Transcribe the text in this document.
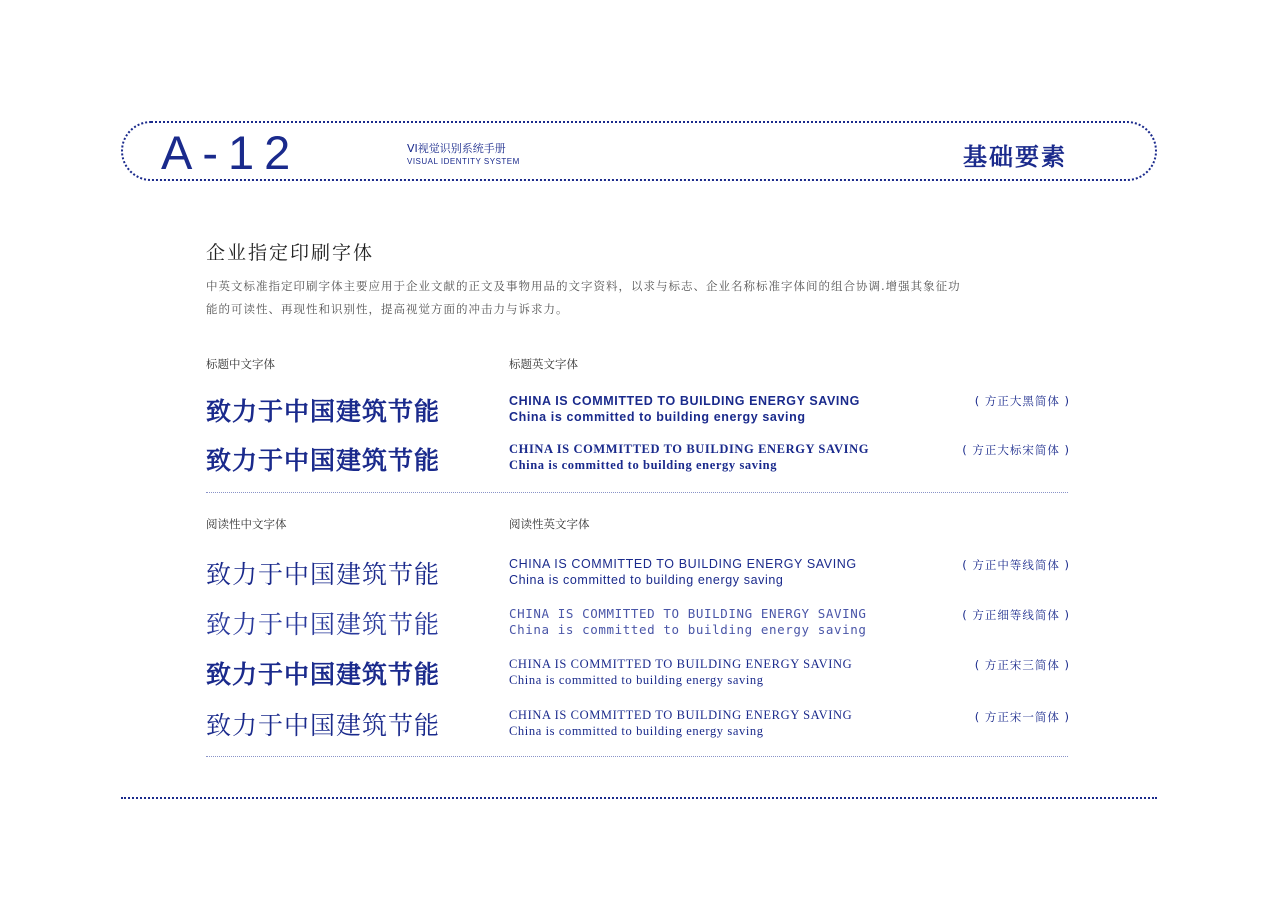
A-12	VI视觉识别系统手册
VISUAL IDENTITY SYSTEM	基础要素
企业指定印刷字体
中英文标准指定印刷字体主要应用于企业文献的正文及事物用品的文字资料，以求与标志、企业名称标准字体间的组合协调.增强其象征功能的可读性、再现性和识别性，提高视觉方面的冲击力与诉求力。
标题中文字体	标题英文字体
致力于中国建筑节能	CHINA IS COMMITTED TO BUILDING ENERGY SAVING
China is committed to building energy saving
( 方正大黑简体 )
致力于中国建筑节能	CHINA IS COMMITTED TO BUILDING ENERGY SAVING
China is committed to building energy saving
( 方正大标宋简体 )
阅读性中文字体	阅读性英文字体
致力于中国建筑节能	CHINA IS COMMITTED TO BUILDING ENERGY SAVING
China is committed to building energy saving
( 方正中等线简体 )
致力于中国建筑节能	CHINA IS COMMITTED TO BUILDING ENERGY SAVING
China is committed to building energy saving
( 方正细等线简体 )
致力于中国建筑节能	CHINA IS COMMITTED TO BUILDING ENERGY SAVING
China is committed to building energy saving
( 方正宋三简体 )
致力于中国建筑节能	CHINA IS COMMITTED TO BUILDING ENERGY SAVING
China is committed to building energy saving
( 方正宋一简体 )
